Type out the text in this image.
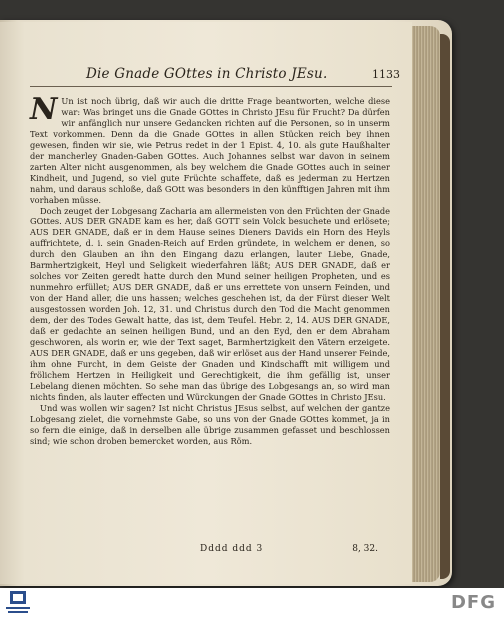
Die Gnade GOttes in Christo JEsu.	1133

N Un ist noch übrig, daß wir auch die dritte Frage beantworten, welche diese war: Was bringet uns die Gnade GOttes in Christo JEsu für Frucht? Da dürfen wir anfänglich nur unsere Gedancken richten auf die Personen, so in unserm Text vorkommen. Denn da die Gnade GOttes in allen Stücken reich bey ihnen gewesen, finden wir sie, wie Petrus redet in der 1 Epist. 4, 10. als gute Haußhalter der mancherley Gnaden-Gaben GOttes. Auch Johannes selbst war davon in seinem zarten Alter nicht ausgenommen, als bey welchem die Gnade GOttes auch in seiner Kindheit, und Jugend, so viel gute Früchte schaffete, daß es jederman zu Hertzen nahm, und daraus schloße, daß GOtt was besonders in den künfftigen Jahren mit ihm vorhaben müsse.

Doch zeuget der Lobgesang Zacharia am allermeisten von den Früchten der Gnade GOttes. AUS DER GNADE kam es her, daß GOTT sein Volck besuchete und erlösete; AUS DER GNADE, daß er in dem Hause seines Dieners Davids ein Horn des Heyls auffrichtete, d. i. sein Gnaden-Reich auf Erden gründete, in welchem er denen, so durch den Glauben an ihn den Eingang dazu erlangen, lauter Liebe, Gnade, Barmhertzigkeit, Heyl und Seligkeit wiederfahren läßt; AUS DER GNADE, daß er solches vor Zeiten geredt hatte durch den Mund seiner heiligen Propheten, und es nunmehro erfüllet; AUS DER GNADE, daß er uns errettete von unsern Feinden, und von der Hand aller, die uns hassen; welches geschehen ist, da der Fürst dieser Welt ausgestossen worden Joh. 12, 31. und Christus durch den Tod die Macht genommen dem, der des Todes Gewalt hatte, das ist, dem Teufel. Hebr. 2, 14. AUS DER GNADE, daß er gedachte an seinen heiligen Bund, und an den Eyd, den er dem Abraham geschworen, als worin er, wie der Text saget, Barmhertzigkeit den Vätern erzeigete. AUS DER GNADE, daß er uns gegeben, daß wir erlöset aus der Hand unserer Feinde, ihm ohne Furcht, in dem Geiste der Gnaden und Kindschafft mit willigem und frölichem Hertzen in Heiligkeit und Gerechtigkeit, die ihm gefällig ist, unser Lebelang dienen möchten. So sehe man das übrige des Lobgesangs an, so wird man nichts finden, als lauter effecten und Würckungen der Gnade GOttes in Christo JEsu.

Und was wollen wir sagen? Ist nicht Christus JEsus selbst, auf welchen der gantze Lobgesang zielet, die vornehmste Gabe, so uns von der Gnade GOttes kommet, ja in so fern die einige, daß in derselben alle übrige zusammen gefasset und beschlossen sind; wie schon droben bemercket worden, aus Röm.

Dddd ddd 3	8, 32.
DFG
